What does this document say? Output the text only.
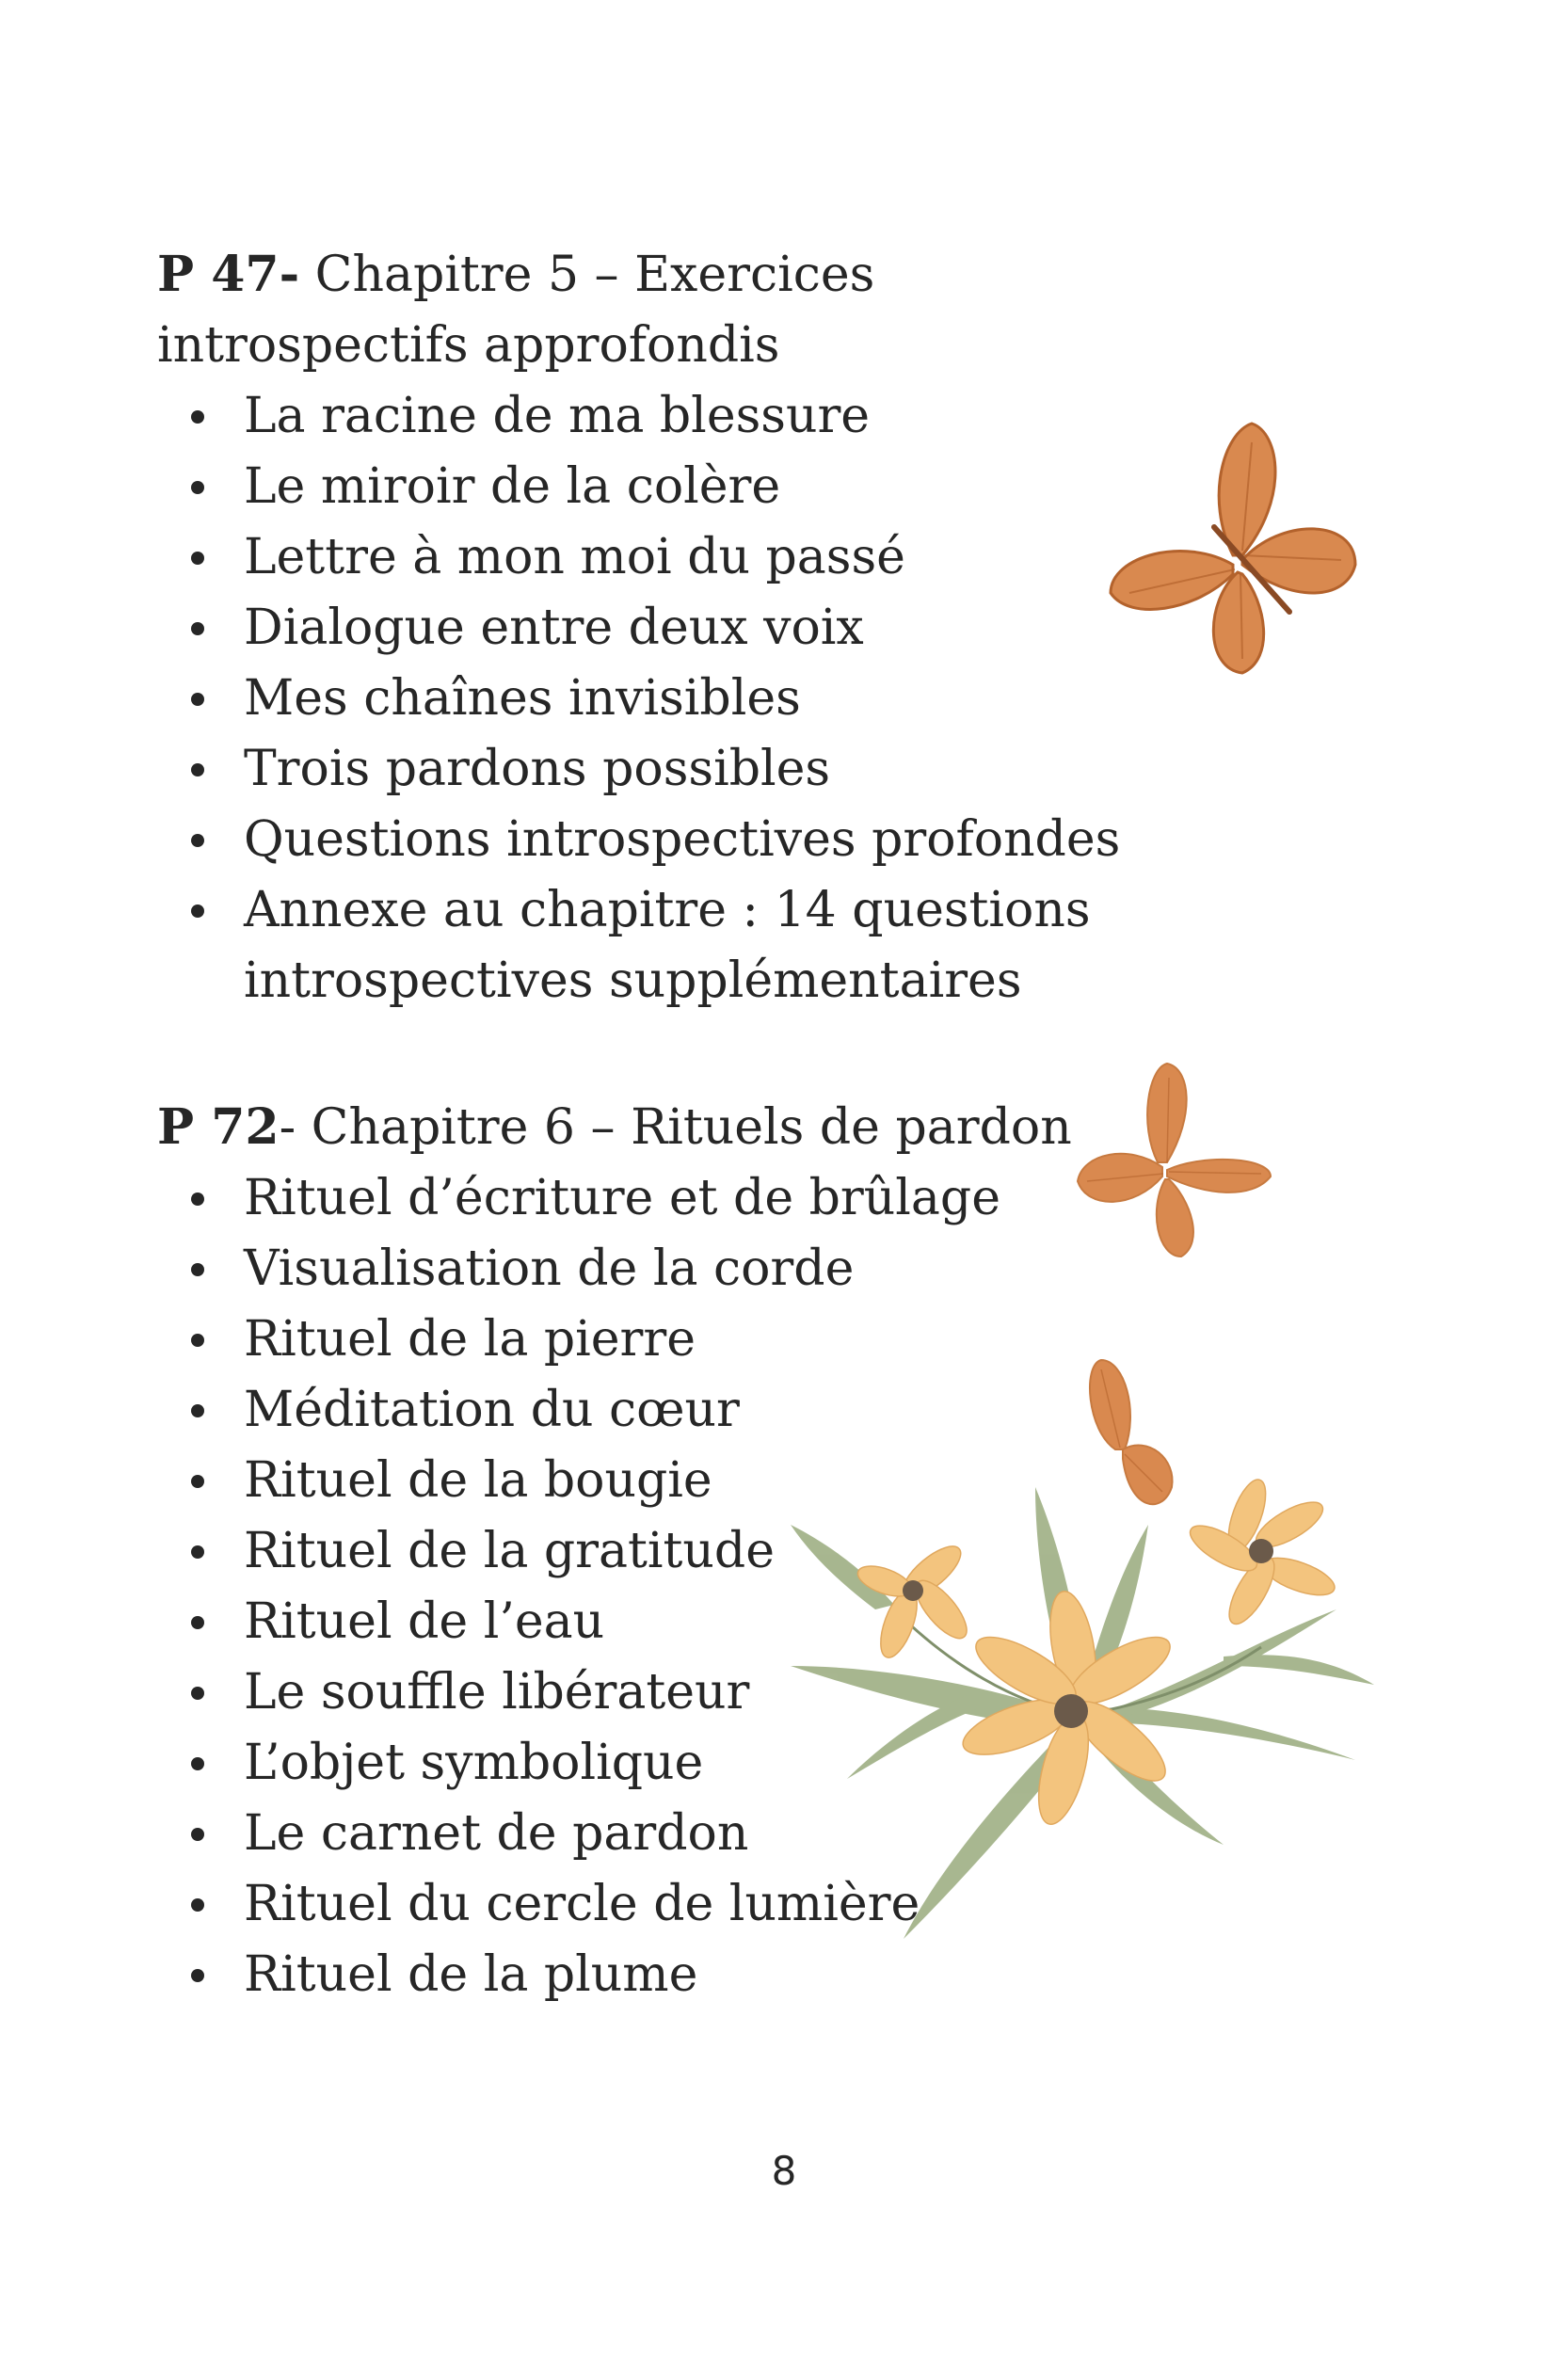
P 47- Chapitre 5 – Exercices introspectifs approfondis
La racine de ma blessure
Le miroir de la colère
Lettre à mon moi du passé
Dialogue entre deux voix
Mes chaînes invisibles
Trois pardons possibles
Questions introspectives profondes
Annexe au chapitre : 14 questions introspectives supplémentaires
P 72- Chapitre 6 – Rituels de pardon
Rituel d’écriture et de brûlage
Visualisation de la corde
Rituel de la pierre
Méditation du cœur
Rituel de la bougie
Rituel de la gratitude
Rituel de l’eau
Le souffle libérateur
L’objet symbolique
Le carnet de pardon
Rituel du cercle de lumière
Rituel de la plume
8
